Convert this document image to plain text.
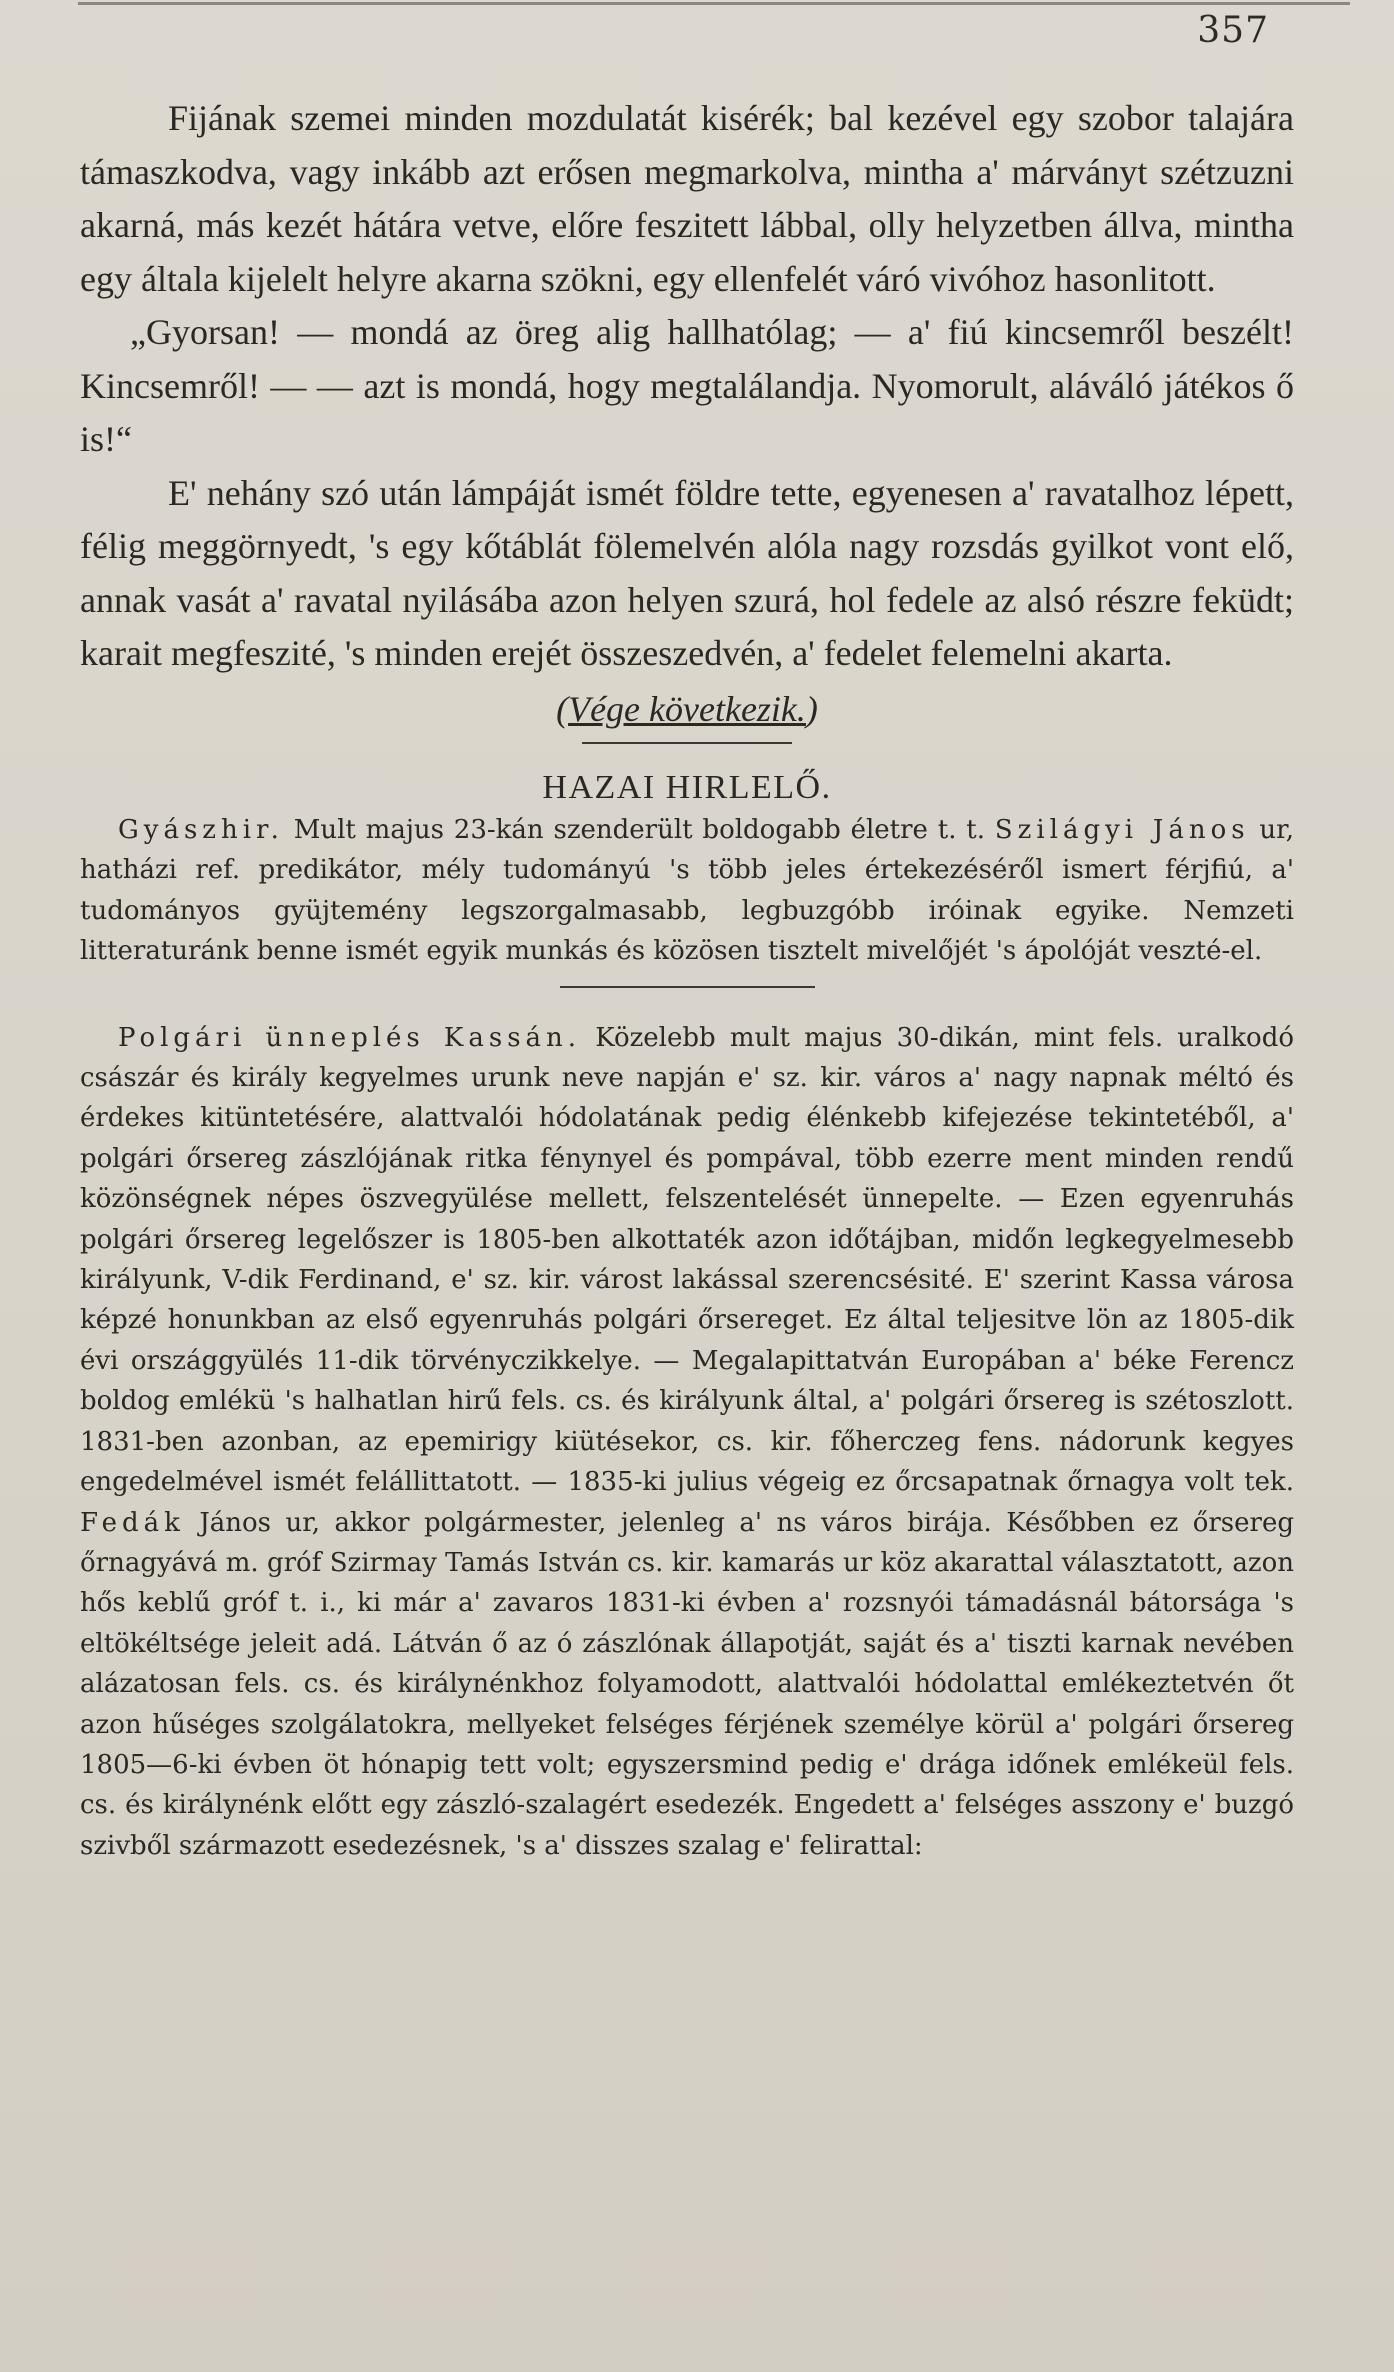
357

Fijának szemei minden mozdulatát kisérék; bal kezével egy szobor talajára támaszkodva, vagy inkább azt erősen megmarkolva, mintha a' márványt szétzuzni akarná, más kezét hátára vetve, előre feszitett lábbal, olly helyzetben állva, mintha egy általa kijelelt helyre akarna szökni, egy ellenfelét váró vivóhoz hasonlitott.

„Gyorsan! — mondá az öreg alig hallhatólag; — a' fiú kincsemről beszélt! Kincsemről! — — azt is mondá, hogy megtalálandja. Nyomorult, aláváló játékos ő is!“

E' nehány szó után lámpáját ismét földre tette, egyenesen a' ravatalhoz lépett, félig meggörnyedt, 's egy kőtáblát fölemelvén alóla nagy rozsdás gyilkot vont elő, annak vasát a' ravatal nyilásába azon helyen szurá, hol fedele az alsó részre feküdt; karait megfeszité, 's minden erejét összeszedvén, a' fedelet felemelni akarta.

(Vége következik.)
HAZAI HIRLELŐ.

Gyászhir. Mult majus 23-kán szenderült boldogabb életre t. t. Szilágyi János ur, hatházi ref. predikátor, mély tudományú 's több jeles értekezéséről ismert férjfiú, a' tudományos gyüjtemény legszorgalmasabb, legbuzgóbb iróinak egyike. Nemzeti litteraturánk benne ismét egyik munkás és közösen tisztelt mivelőjét 's ápolóját veszté-el.

Polgári ünneplés Kassán. Közelebb mult majus 30-dikán, mint fels. uralkodó császár és király kegyelmes urunk neve napján e' sz. kir. város a' nagy napnak méltó és érdekes kitüntetésére, alattvalói hódolatának pedig élénkebb kifejezése tekintetéből, a' polgári őrsereg zászlójának ritka fénynyel és pompával, több ezerre ment minden rendű közönségnek népes öszvegyülése mellett, felszentelését ünnepelte. — Ezen egyenruhás polgári őrsereg legelőszer is 1805-ben alkottaték azon időtájban, midőn legkegyelmesebb királyunk, V-dik Ferdinand, e' sz. kir. várost lakással szerencsésité. E' szerint Kassa városa képzé honunkban az első egyenruhás polgári őrsereget. Ez által teljesitve lön az 1805-dik évi országgyülés 11-dik törvényczikkelye. — Megalapittatván Europában a' béke Ferencz boldog emlékü 's halhatlan hirű fels. cs. és királyunk által, a' polgári őrsereg is szétoszlott. 1831-ben azonban, az epemirigy kiütésekor, cs. kir. főherczeg fens. nádorunk kegyes engedelmével ismét felállittatott. — 1835-ki julius végeig ez őrcsapatnak őrnagya volt tek. Fedák János ur, akkor polgármester, jelenleg a' ns város birája. Későbben ez őrsereg őrnagyává m. gróf Szirmay Tamás István cs. kir. kamarás ur köz akarattal választatott, azon hős keblű gróf t. i., ki már a' zavaros 1831-ki évben a' rozsnyói támadásnál bátorsága 's eltökéltsége jeleit adá. Látván ő az ó zászlónak állapotját, saját és a' tiszti karnak nevében alázatosan fels. cs. és királynénkhoz folyamodott, alattvalói hódolattal emlékeztetvén őt azon hűséges szolgálatokra, mellyeket felséges férjének személye körül a' polgári őrsereg 1805—6-ki évben öt hónapig tett volt; egyszersmind pedig e' drága időnek emlékeül fels. cs. és királynénk előtt egy zászló-szalagért esedezék. Engedett a' felséges asszony e' buzgó szivből származott esedezésnek, 's a' disszes szalag e' felirattal:
